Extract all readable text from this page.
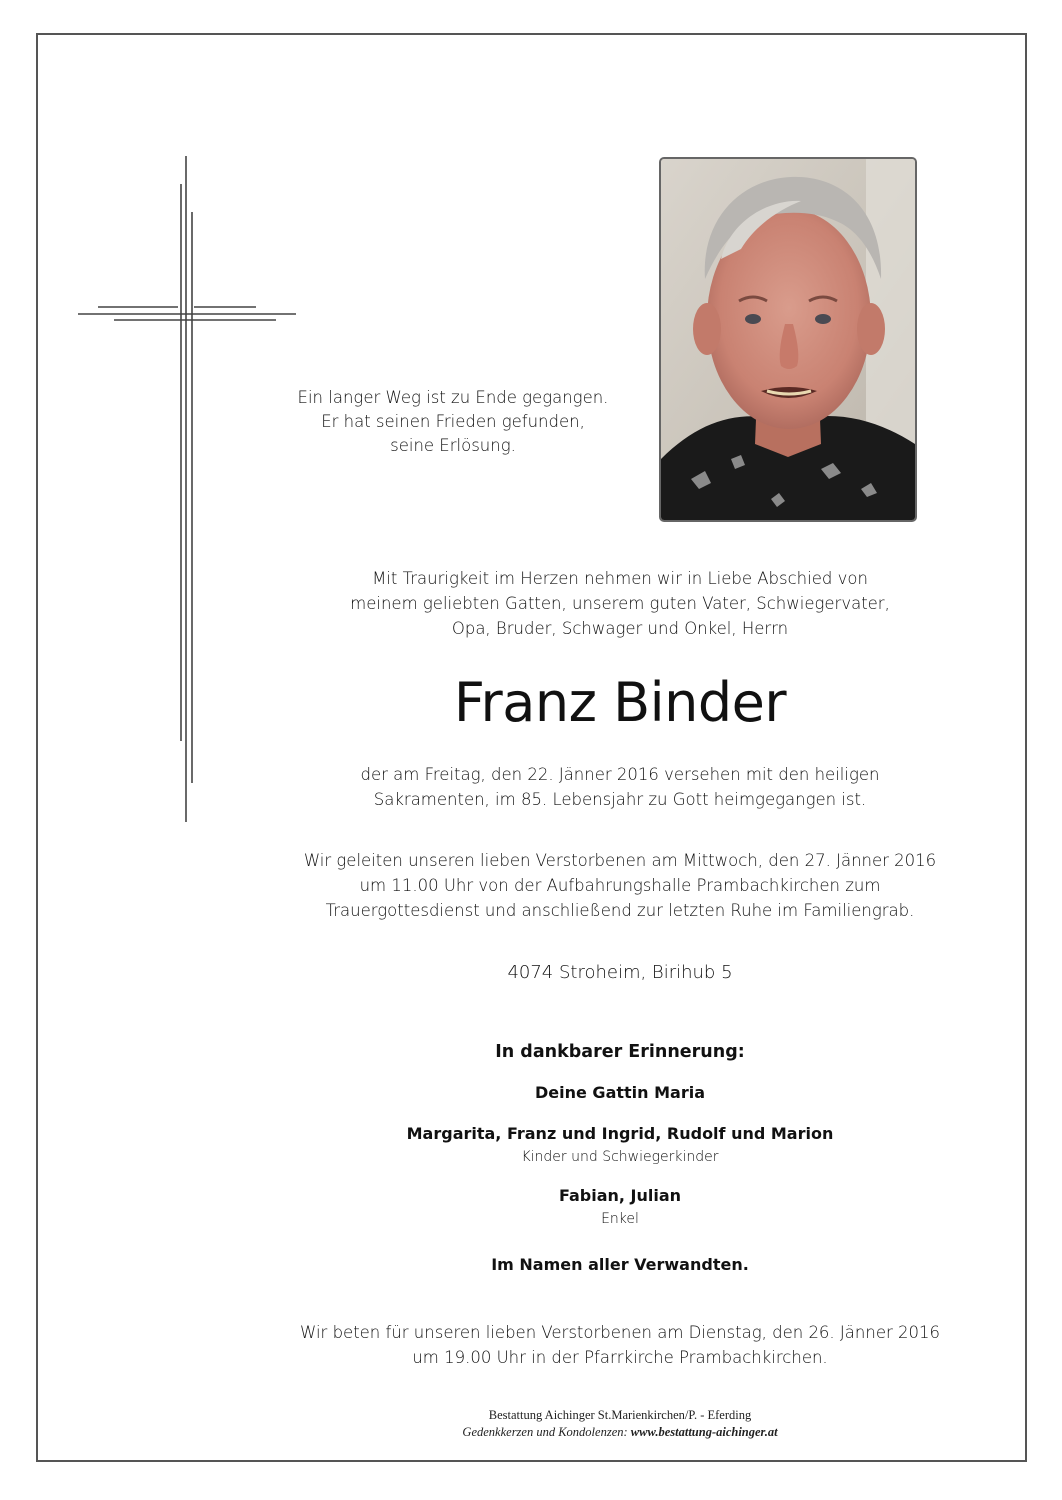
Ein langer Weg ist zu Ende gegangen.
Er hat seinen Frieden gefunden,
seine Erlösung.
Mit Traurigkeit im Herzen nehmen wir in Liebe Abschied von
meinem geliebten Gatten, unserem guten Vater, Schwiegervater,
Opa, Bruder, Schwager und Onkel, Herrn
Franz Binder
der am Freitag, den 22. Jänner 2016 versehen mit den heiligen
Sakramenten, im 85. Lebensjahr zu Gott heimgegangen ist.
Wir geleiten unseren lieben Verstorbenen am Mittwoch, den 27. Jänner 2016
um 11.00 Uhr von der Aufbahrungshalle Prambachkirchen zum
Trauergottesdienst und anschließend zur letzten Ruhe im Familiengrab.
4074 Stroheim, Birihub 5
In dankbarer Erinnerung:
Deine Gattin Maria
Margarita, Franz und Ingrid, Rudolf und Marion
Kinder und Schwiegerkinder
Fabian, Julian
Enkel
Im Namen aller Verwandten.
Wir beten für unseren lieben Verstorbenen am Dienstag, den 26. Jänner 2016
um 19.00 Uhr in der Pfarrkirche Prambachkirchen.
Bestattung Aichinger St.Marienkirchen/P. - Eferding
Gedenkkerzen und Kondolenzen: www.bestattung-aichinger.at
